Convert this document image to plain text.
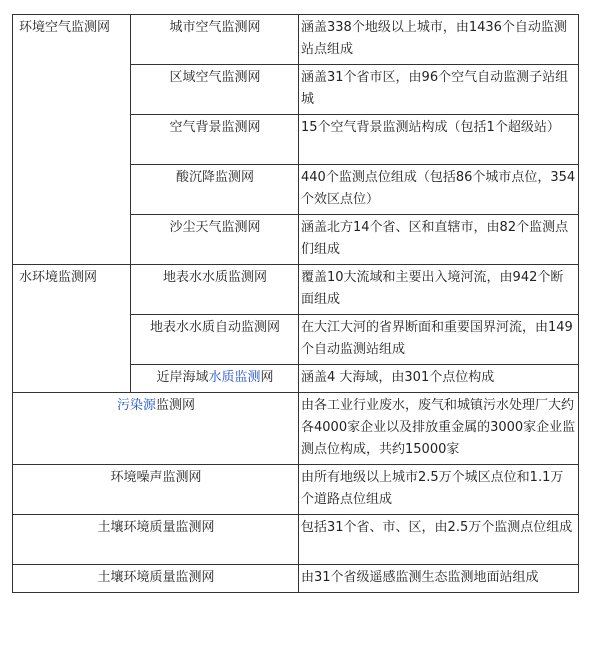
环境空气监测网	城市空气监测网	涵盖338个地级以上城市，由1436个自动监测站点组成
	区域空气监测网	涵盖31个省市区，由96个空气自动监测子站组城
	空气背景监测网	15个空气背景监测站构成（包括1个超级站）
	酸沉降监测网	440个监测点位组成（包括86个城市点位，354个效区点位）
	沙尘天气监测网	涵盖北方14个省、区和直辖市，由82个监测点们组成
水环境监测网	地表水水质监测网	覆盖10大流域和主要出入境河流，由942个断面组成
	地表水水质自动监测网	在大江大河的省界断面和重要国界河流，由149个自动监测站组成
	近岸海域水质监测网	涵盖4 大海域，由301个点位构成
污染源监测网		由各工业行业废水，废气和城镇污水处理厂大约各4000家企业以及排放重金属的3000家企业监测点位构成，共约15000家
环境噪声监测网		由所有地级以上城市2.5万个城区点位和1.1万个道路点位组成
土壤环境质量监测网		包括31个省、市、区，由2.5万个监测点位组成
土壤环境质量监测网		由31个省级遥感监测生态监测地面站组成
